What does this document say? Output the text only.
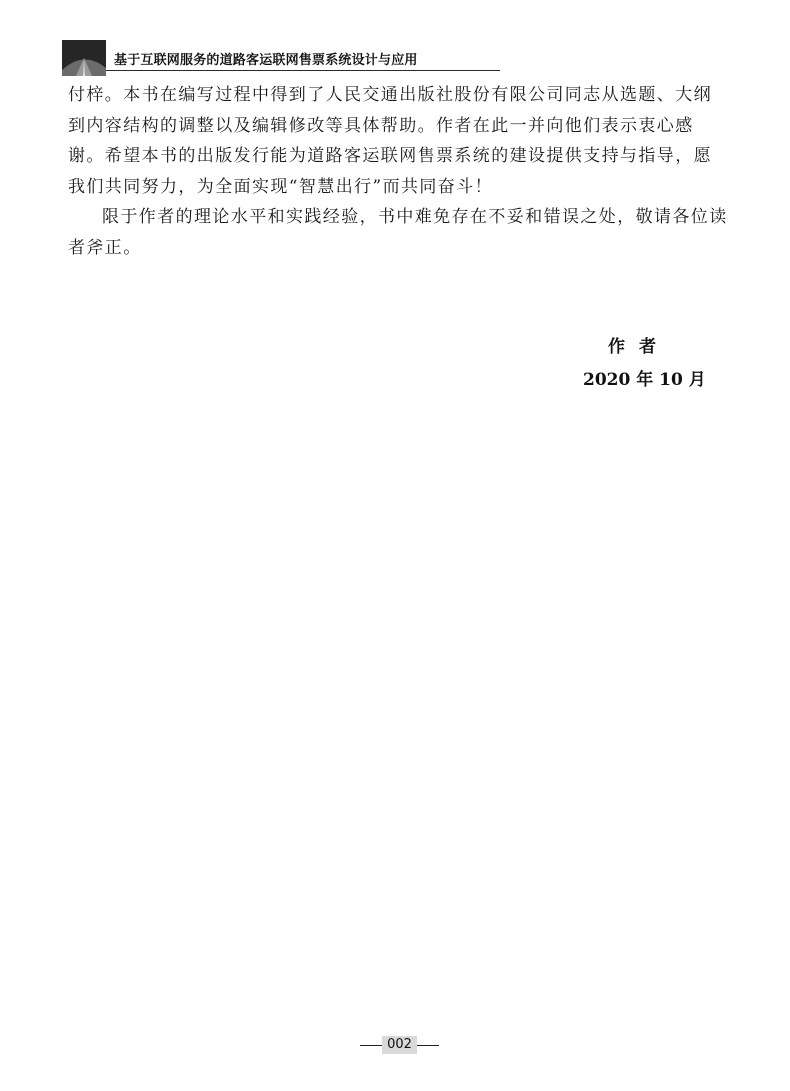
基于互联网服务的道路客运联网售票系统设计与应用

付梓。本书在编写过程中得到了人民交通出版社股份有限公司同志从选题、大纲
到内容结构的调整以及编辑修改等具体帮助。作者在此一并向他们表示衷心感
谢。希望本书的出版发行能为道路客运联网售票系统的建设提供支持与指导，愿
我们共同努力，为全面实现“智慧出行”而共同奋斗！

限于作者的理论水平和实践经验，书中难免存在不妥和错误之处，敬请各位读
者斧正。

作者
2020 年 10 月
002
